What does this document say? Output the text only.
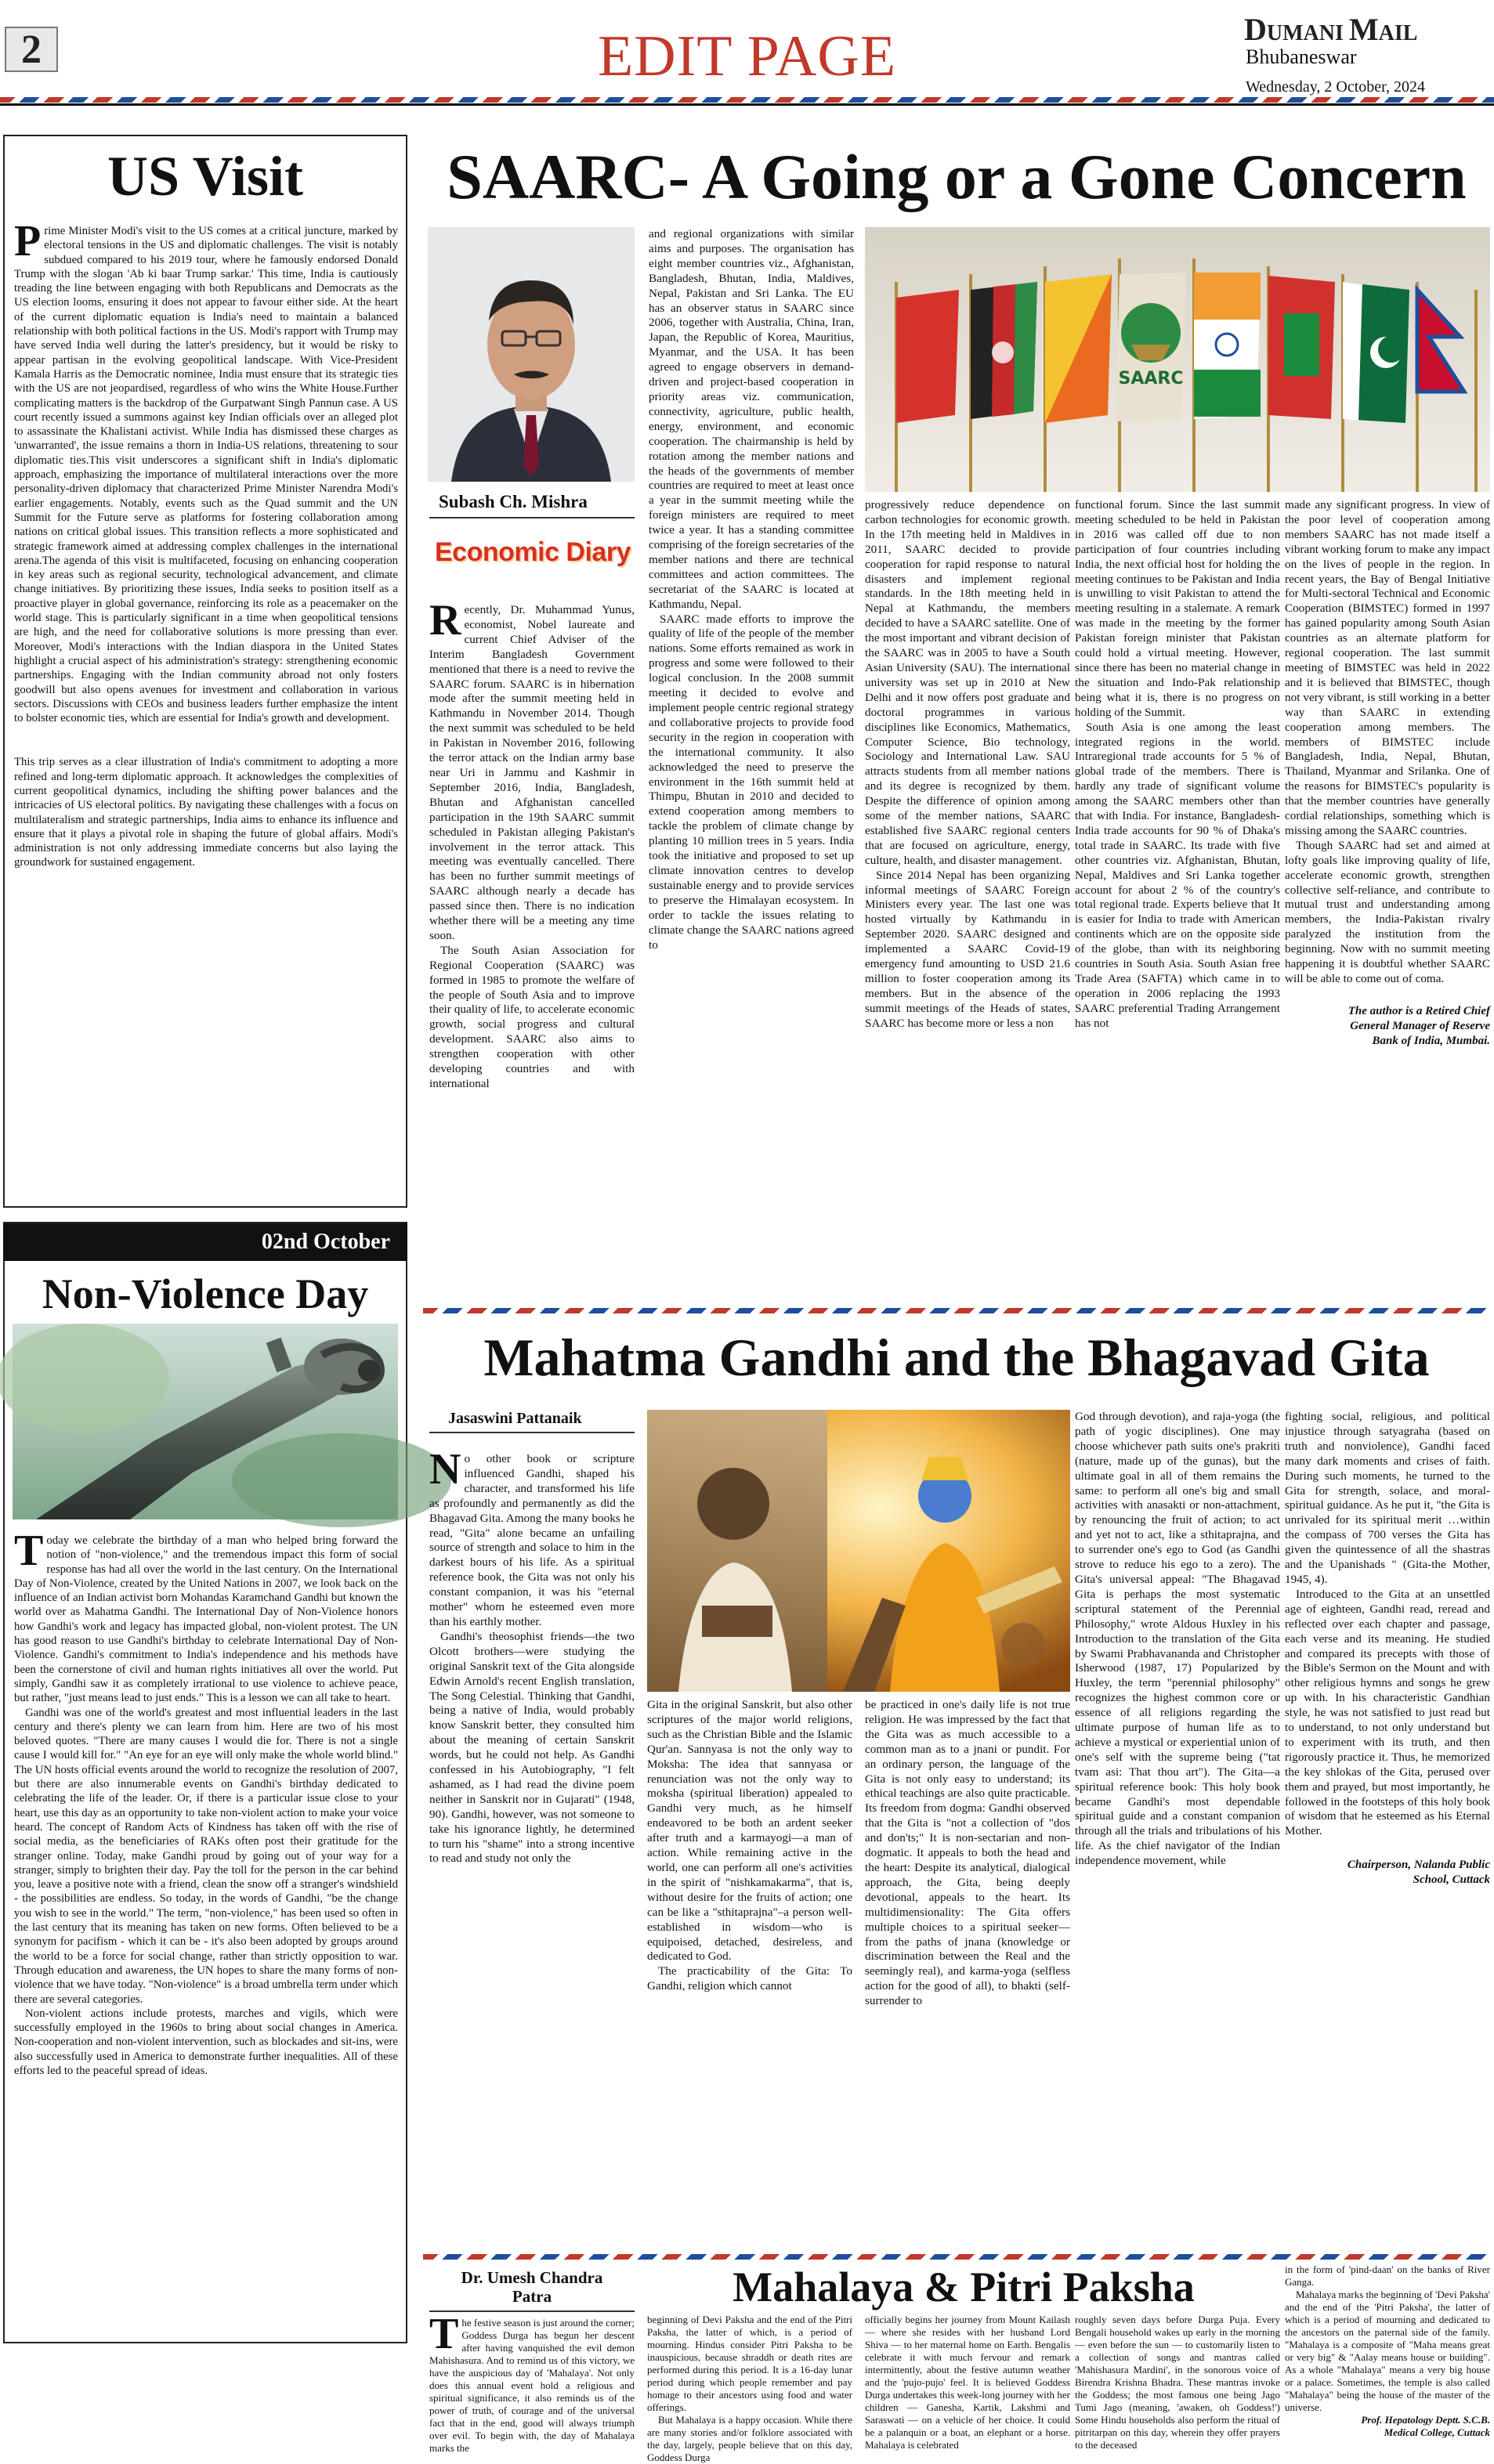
2	EDIT PAGE	DUMANI MAIL
Bhubaneswar
Wednesday, 2 October, 2024
US Visit

Prime Minister Modi's visit to the US comes at a critical juncture, marked by electoral tensions in the US and diplomatic challenges. The visit is notably subdued compared to his 2019 tour, where he famously endorsed Donald Trump with the slogan 'Ab ki baar Trump sarkar.' This time, India is cautiously treading the line between engaging with both Republicans and Democrats as the US election looms, ensuring it does not appear to favour either side. At the heart of the current diplomatic equation is India's need to maintain a balanced relationship with both political factions in the US. Modi's rapport with Trump may have served India well during the latter's presidency, but it would be risky to appear partisan in the evolving geopolitical landscape. With Vice-President Kamala Harris as the Democratic nominee, India must ensure that its strategic ties with the US are not jeopardised, regardless of who wins the White House.Further complicating matters is the backdrop of the Gurpatwant Singh Pannun case. A US court recently issued a summons against key Indian officials over an alleged plot to assassinate the Khalistani activist. While India has dismissed these charges as 'unwarranted', the issue remains a thorn in India-US relations, threatening to sour diplomatic ties.This visit underscores a significant shift in India's diplomatic approach, emphasizing the importance of multilateral interactions over the more personality-driven diplomacy that characterized Prime Minister Narendra Modi's earlier engagements. Notably, events such as the Quad summit and the UN Summit for the Future serve as platforms for fostering collaboration among nations on critical global issues. This transition reflects a more sophisticated and strategic framework aimed at addressing complex challenges in the international arena.The agenda of this visit is multifaceted, focusing on enhancing cooperation in key areas such as regional security, technological advancement, and climate change initiatives. By prioritizing these issues, India seeks to position itself as a proactive player in global governance, reinforcing its role as a peacemaker on the world stage. This is particularly significant in a time when geopolitical tensions are high, and the need for collaborative solutions is more pressing than ever. Moreover, Modi's interactions with the Indian diaspora in the United States highlight a crucial aspect of his administration's strategy: strengthening economic partnerships. Engaging with the Indian community abroad not only fosters goodwill but also opens avenues for investment and collaboration in various sectors. Discussions with CEOs and business leaders further emphasize the intent to bolster economic ties, which are essential for India's growth and development.

This trip serves as a clear illustration of India's commitment to adopting a more refined and long-term diplomatic approach. It acknowledges the complexities of current geopolitical dynamics, including the shifting power balances and the intricacies of US electoral politics. By navigating these challenges with a focus on multilateralism and strategic partnerships, India aims to enhance its influence and ensure that it plays a pivotal role in shaping the future of global affairs. Modi's administration is not only addressing immediate concerns but also laying the groundwork for sustained engagement.

02nd October
Non-Violence Day

Today we celebrate the birthday of a man who helped bring forward the notion of "non-violence," and the tremendous impact this form of social response has had all over the world in the last century. On the International Day of Non-Violence, created by the United Nations in 2007, we look back on the influence of an Indian activist born Mohandas Karamchand Gandhi but known the world over as Mahatma Gandhi. The International Day of Non-Violence honors how Gandhi's work and legacy has impacted global, non-violent protest. The UN has good reason to use Gandhi's birthday to celebrate International Day of Non-Violence. Gandhi's commitment to India's independence and his methods have been the cornerstone of civil and human rights initiatives all over the world. Put simply, Gandhi saw it as completely irrational to use violence to achieve peace, but rather, "just means lead to just ends." This is a lesson we can all take to heart.

Gandhi was one of the world's greatest and most influential leaders in the last century and there's plenty we can learn from him. Here are two of his most beloved quotes. "There are many causes I would die for. There is not a single cause I would kill for." "An eye for an eye will only make the whole world blind." The UN hosts official events around the world to recognize the resolution of 2007, but there are also innumerable events on Gandhi's birthday dedicated to celebrating the life of the leader. Or, if there is a particular issue close to your heart, use this day as an opportunity to take non-violent action to make your voice heard. The concept of Random Acts of Kindness has taken off with the rise of social media, as the beneficiaries of RAKs often post their gratitude for the stranger online. Today, make Gandhi proud by going out of your way for a stranger, simply to brighten their day. Pay the toll for the person in the car behind you, leave a positive note with a friend, clean the snow off a stranger's windshield - the possibilities are endless. So today, in the words of Gandhi, "be the change you wish to see in the world." The term, "non-violence," has been used so often in the last century that its meaning has taken on new forms. Often believed to be a synonym for pacifism - which it can be - it's also been adopted by groups around the world to be a force for social change, rather than strictly opposition to war. Through education and awareness, the UN hopes to share the many forms of non-violence that we have today. "Non-violence" is a broad umbrella term under which there are several categories.

Non-violent actions include protests, marches and vigils, which were successfully employed in the 1960s to bring about social changes in America. Non-cooperation and non-violent intervention, such as blockades and sit-ins, were also successfully used in America to demonstrate further inequalities. All of these efforts led to the peaceful spread of ideas.

SAARC- A Going or a Gone Concern
Subash Ch. Mishra
Economic Diary

Recently, Dr. Muhammad Yunus, economist, Nobel laureate and current Chief Adviser of the Interim Bangladesh Government mentioned that there is a need to revive the SAARC forum. SAARC is in hibernation mode after the summit meeting held in Kathmandu in November 2014. Though the next summit was scheduled to be held in Pakistan in November 2016, following the terror attack on the Indian army base near Uri in Jammu and Kashmir in September 2016, India, Bangladesh, Bhutan and Afghanistan cancelled participation in the 19th SAARC summit scheduled in Pakistan alleging Pakistan's involvement in the terror attack. This meeting was eventually cancelled. There has been no further summit meetings of SAARC although nearly a decade has passed since then. There is no indication whether there will be a meeting any time soon.

The South Asian Association for Regional Cooperation (SAARC) was formed in 1985 to promote the welfare of the people of South Asia and to improve their quality of life, to accelerate economic growth, social progress and cultural development. SAARC also aims to strengthen cooperation with other developing countries and with international

and regional organizations with similar aims and purposes. The organisation has eight member countries viz., Afghanistan, Bangladesh, Bhutan, India, Maldives, Nepal, Pakistan and Sri Lanka. The EU has an observer status in SAARC since 2006, together with Australia, China, Iran, Japan, the Republic of Korea, Mauritius, Myanmar, and the USA. It has been agreed to engage observers in demand-driven and project-based cooperation in priority areas viz. communication, connectivity, agriculture, public health, energy, environment, and economic cooperation. The chairmanship is held by rotation among the member nations and the heads of the governments of member countries are required to meet at least once a year in the summit meeting while the foreign ministers are required to meet twice a year. It has a standing committee comprising of the foreign secretaries of the member nations and there are technical committees and action committees. The secretariat of the SAARC is located at Kathmandu, Nepal.

SAARC made efforts to improve the quality of life of the people of the member nations. Some efforts remained as work in progress and some were followed to their logical conclusion. In the 2008 summit meeting it decided to evolve and implement people centric regional strategy and collaborative projects to provide food security in the region in cooperation with the international community. It also acknowledged the need to preserve the environment in the 16th summit held at Thimpu, Bhutan in 2010 and decided to extend cooperation among members to tackle the problem of climate change by planting 10 million trees in 5 years. India took the initiative and proposed to set up climate innovation centres to develop sustainable energy and to provide services to preserve the Himalayan ecosystem. In order to tackle the issues relating to climate change the SAARC nations agreed to

SAARC

progressively reduce dependence on carbon technologies for economic growth. In the 17th meeting held in Maldives in 2011, SAARC decided to provide cooperation for rapid response to natural disasters and implement regional standards. In the 18th meeting held in Nepal at Kathmandu, the members decided to have a SAARC satellite. One of the most important and vibrant decision of the SAARC was in 2005 to have a South Asian University (SAU). The international university was set up in 2010 at New Delhi and it now offers post graduate and doctoral programmes in various disciplines like Economics, Mathematics, Computer Science, Bio technology, Sociology and International Law. SAU attracts students from all member nations and its degree is recognized by them. Despite the difference of opinion among some of the member nations, SAARC established five SAARC regional centers that are focused on agriculture, energy, culture, health, and disaster management.

Since 2014 Nepal has been organizing informal meetings of SAARC Foreign Ministers every year. The last one was hosted virtually by Kathmandu in September 2020. SAARC designed and implemented a SAARC Covid-19 emergency fund amounting to USD 21.6 million to foster cooperation among its members. But in the absence of the summit meetings of the Heads of states, SAARC has become more or less a non

functional forum. Since the last summit meeting scheduled to be held in Pakistan in 2016 was called off due to non participation of four countries including India, the next official host for holding the meeting continues to be Pakistan and India is unwilling to visit Pakistan to attend the meeting resulting in a stalemate. A remark was made in the meeting by the former Pakistan foreign minister that Pakistan could hold a virtual meeting. However, since there has been no material change in the situation and Indo-Pak relationship being what it is, there is no progress on holding of the Summit.

South Asia is one among the least integrated regions in the world. Intraregional trade accounts for 5 % of global trade of the members. There is hardly any trade of significant volume among the SAARC members other than that with India. For instance, Bangladesh-India trade accounts for 90 % of Dhaka's total trade in SAARC. Its trade with five other countries viz. Afghanistan, Bhutan, Nepal, Maldives and Sri Lanka together account for about 2 % of the country's total regional trade. Experts believe that It is easier for India to trade with American continents which are on the opposite side of the globe, than with its neighboring countries in South Asia. South Asian free Trade Area (SAFTA) which came in to operation in 2006 replacing the 1993 SAARC preferential Trading Arrangement has not

made any significant progress. In view of the poor level of cooperation among members SAARC has not made itself a vibrant working forum to make any impact on the lives of people in the region. In recent years, the Bay of Bengal Initiative for Multi-sectoral Technical and Economic Cooperation (BIMSTEC) formed in 1997 has gained popularity among South Asian countries as an alternate platform for regional cooperation. The last summit meeting of BIMSTEC was held in 2022 and it is believed that BIMSTEC, though not very vibrant, is still working in a better way than SAARC in extending cooperation among members. The members of BIMSTEC include Bangladesh, India, Nepal, Bhutan, Thailand, Myanmar and Srilanka. One of the reasons for BIMSTEC's popularity is that the member countries have generally cordial relationships, something which is missing among the SAARC countries.

Though SAARC had set and aimed at lofty goals like improving quality of life, accelerate economic growth, strengthen collective self-reliance, and contribute to mutual trust and understanding among members, the India-Pakistan rivalry paralyzed the institution from the beginning. Now with no summit meeting happening it is doubtful whether SAARC will be able to come out of coma.

The author is a Retired Chief
General Manager of Reserve
Bank of India, Mumbai.
Mahatma Gandhi and the Bhagavad Gita
Jasaswini Pattanaik

No other book or scripture influenced Gandhi, shaped his character, and transformed his life as profoundly and permanently as did the Bhagavad Gita. Among the many books he read, "Gita" alone became an unfailing source of strength and solace to him in the darkest hours of his life. As a spiritual reference book, the Gita was not only his constant companion, it was his "eternal mother" whom he esteemed even more than his earthly mother.

Gandhi's theosophist friends—the two Olcott brothers—were studying the original Sanskrit text of the Gita alongside Edwin Arnold's recent English translation, The Song Celestial. Thinking that Gandhi, being a native of India, would probably know Sanskrit better, they consulted him about the meaning of certain Sanskrit words, but he could not help. As Gandhi confessed in his Autobiography, "I felt ashamed, as I had read the divine poem neither in Sanskrit nor in Gujarati" (1948, 90). Gandhi, however, was not someone to take his ignorance lightly, he determined to turn his "shame" into a strong incentive to read and study not only the

Gita in the original Sanskrit, but also other scriptures of the major world religions, such as the Christian Bible and the Islamic Qur'an. Sannyasa is not the only way to Moksha: The idea that sannyasa or renunciation was not the only way to moksha (spiritual liberation) appealed to Gandhi very much, as he himself endeavored to be both an ardent seeker after truth and a karmayogi—a man of action. While remaining active in the world, one can perform all one's activities in the spirit of "nishkamakarma", that is, without desire for the fruits of action; one can be like a "sthitaprajna"–a person well-established in wisdom—who is equipoised, detached, desireless, and dedicated to God.

The practicability of the Gita: To Gandhi, religion which cannot

be practiced in one's daily life is not true religion. He was impressed by the fact that the Gita was as much accessible to a common man as to a jnani or pundit. For an ordinary person, the language of the Gita is not only easy to understand; its ethical teachings are also quite practicable. Its freedom from dogma: Gandhi observed that the Gita is "not a collection of "dos and don'ts;" It is non-sectarian and non-dogmatic. It appeals to both the head and the heart: Despite its analytical, dialogical approach, the Gita, being deeply devotional, appeals to the heart. Its multidimensionality: The Gita offers multiple choices to a spiritual seeker— from the paths of jnana (knowledge or discrimination between the Real and the seemingly real), and karma-yoga (selfless action for the good of all), to bhakti (self-surrender to

God through devotion), and raja-yoga (the path of yogic disciplines). One may choose whichever path suits one's prakriti (nature, made up of the gunas), but the ultimate goal in all of them remains the same: to perform all one's big and small activities with anasakti or non-attachment, by renouncing the fruit of action; to act and yet not to act, like a sthitaprajna, and to surrender one's ego to God (as Gandhi strove to reduce his ego to a zero). The Gita's universal appeal: "The Bhagavad Gita is perhaps the most systematic scriptural statement of the Perennial Philosophy," wrote Aldous Huxley in his Introduction to the translation of the Gita by Swami Prabhavananda and Christopher Isherwood (1987, 17) Popularized by Huxley, the term "perennial philosophy" recognizes the highest common core or essence of all religions regarding the ultimate purpose of human life as to achieve a mystical or experiential union of one's self with the supreme being ("tat tvam asi: That thou art"). The Gita—a spiritual reference book: This holy book became Gandhi's most dependable spiritual guide and a constant companion through all the trials and tribulations of his life. As the chief navigator of the Indian independence movement, while

fighting social, religious, and political injustice through satyagraha (based on truth and nonviolence), Gandhi faced many dark moments and crises of faith. During such moments, he turned to the Gita for strength, solace, and moral-spiritual guidance. As he put it, "the Gita is unrivaled for its spiritual merit …within the compass of 700 verses the Gita has given the quintessence of all the shastras and the Upanishads " (Gita-the Mother, 1945, 4).

Introduced to the Gita at an unsettled age of eighteen, Gandhi read, reread and reflected over each chapter and passage, each verse and its meaning. He studied and compared its precepts with those of the Bible's Sermon on the Mount and with other religious hymns and songs he grew up with. In his characteristic Gandhian style, he was not satisfied to just read but to understand, to not only understand but to experiment with its truth, and then rigorously practice it. Thus, he memorized the key shlokas of the Gita, perused over them and prayed, but most importantly, he followed in the footsteps of this holy book of wisdom that he esteemed as his Eternal Mother.

Chairperson, Nalanda Public
School, Cuttack
Dr. Umesh Chandra
Patra

The festive season is just around the corner; Goddess Durga has begun her descent after having vanquished the evil demon Mahishasura. And to remind us of this victory, we have the auspicious day of 'Mahalaya'. Not only does this annual event hold a religious and spiritual significance, it also reminds us of the power of truth, of courage and of the universal fact that in the end, good will always triumph over evil. To begin with, the day of Mahalaya marks the

Mahalaya & Pitri Paksha

beginning of Devi Paksha and the end of the Pitri Paksha, the latter of which, is a period of mourning. Hindus consider Pitri Paksha to be inauspicious, because shraddh or death rites are performed during this period. It is a 16-day lunar period during which people remember and pay homage to their ancestors using food and water offerings.

But Mahalaya is a happy occasion. While there are many stories and/or folklore associated with the day, largely, people believe that on this day, Goddess Durga

officially begins her journey from Mount Kailash — where she resides with her husband Lord Shiva — to her maternal home on Earth. Bengalis celebrate it with much fervour and remark intermittently, about the festive autumn weather and the 'pujo-pujo' feel. It is believed Goddess Durga undertakes this week-long journey with her children — Ganesha, Kartik, Lakshmi and Saraswati — on a vehicle of her choice. It could be a palanquin or a boat, an elephant or a horse. Mahalaya is celebrated

roughly seven days before Durga Puja. Every Bengali household wakes up early in the morning — even before the sun — to customarily listen to a collection of songs and mantras called 'Mahishasura Mardini', in the sonorous voice of Birendra Krishna Bhadra. These mantras invoke the Goddess; the most famous one being Jago Tumi Jago (meaning, 'awaken, oh Goddess!') Some Hindu households also perform the ritual of pitritarpan on this day, wherein they offer prayers to the deceased

in the form of 'pind-daan' on the banks of River Ganga.

Mahalaya marks the beginning of 'Devi Paksha' and the end of the 'Pitri Paksha', the latter of which is a period of mourning and dedicated to the ancestors on the paternal side of the family. "Mahalaya is a composite of "Maha means great or very big" & "Aalay means house or building". As a whole "Mahalaya" means a very big house or a palace. Sometimes, the temple is also called "Mahalaya" being the house of the master of the universe.

Prof. Hepatology Deptt. S.C.B.
Medical College, Cuttack
